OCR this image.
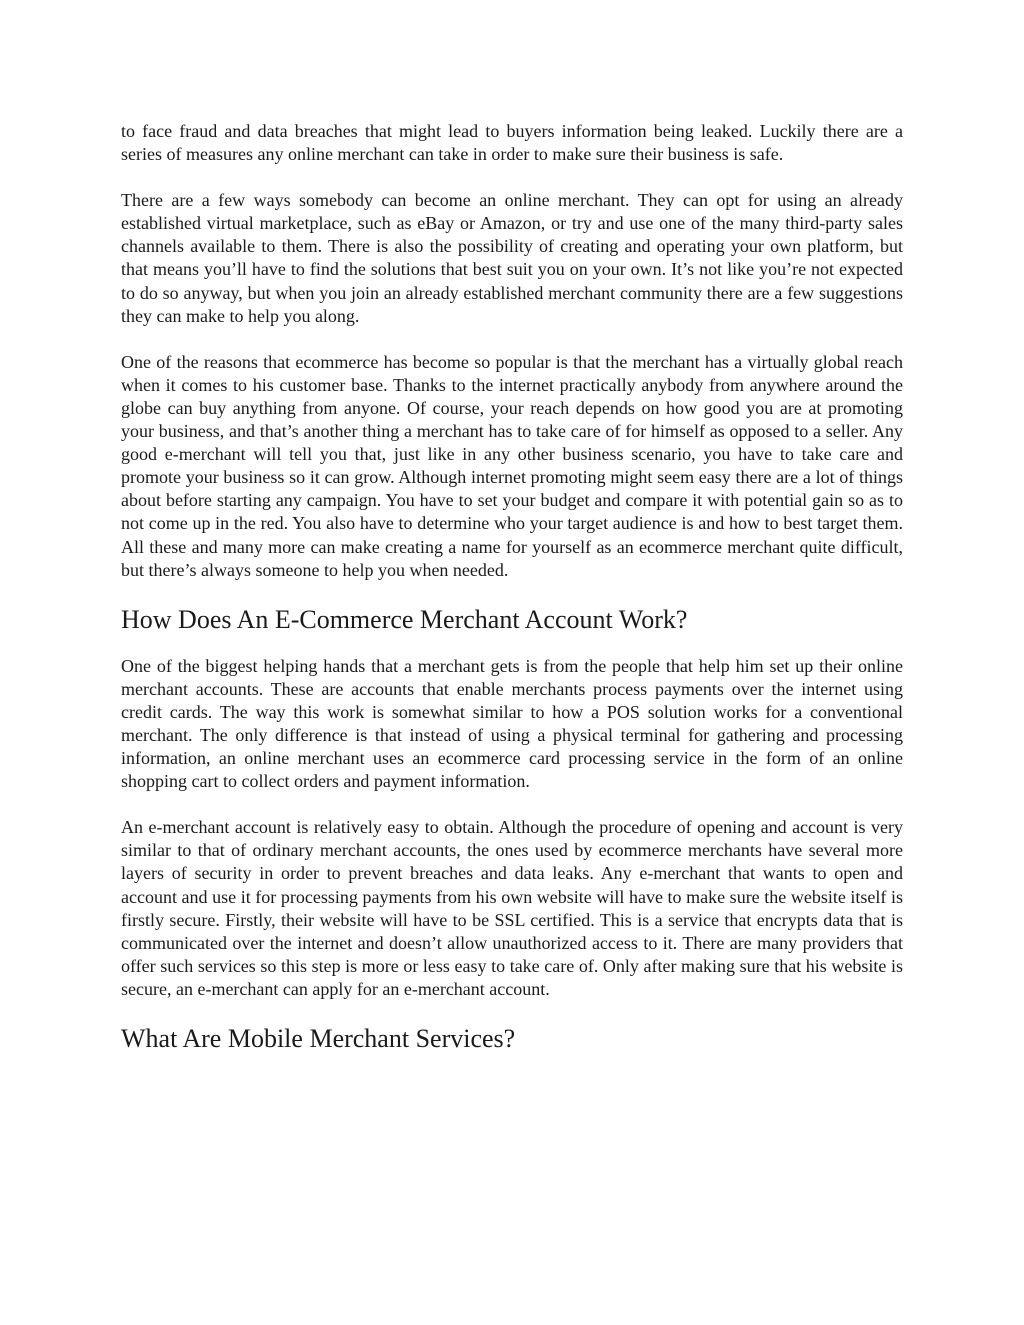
to face fraud and data breaches that might lead to buyers information being leaked. Luckily there are a series of measures any online merchant can take in order to make sure their business is safe.

There are a few ways somebody can become an online merchant. They can opt for using an already established virtual marketplace, such as eBay or Amazon, or try and use one of the many third-party sales channels available to them. There is also the possibility of creating and operating your own platform, but that means you’ll have to find the solutions that best suit you on your own. It’s not like you’re not expected to do so anyway, but when you join an already established merchant community there are a few suggestions they can make to help you along.

One of the reasons that ecommerce has become so popular is that the merchant has a virtually global reach when it comes to his customer base. Thanks to the internet practically anybody from anywhere around the globe can buy anything from anyone. Of course, your reach depends on how good you are at promoting your business, and that’s another thing a merchant has to take care of for himself as opposed to a seller. Any good e-merchant will tell you that, just like in any other business scenario, you have to take care and promote your business so it can grow. Although internet promoting might seem easy there are a lot of things about before starting any campaign. You have to set your budget and compare it with potential gain so as to not come up in the red. You also have to determine who your target audience is and how to best target them. All these and many more can make creating a name for yourself as an ecommerce merchant quite difficult, but there’s always someone to help you when needed.

How Does An E-Commerce Merchant Account Work?

One of the biggest helping hands that a merchant gets is from the people that help him set up their online merchant accounts. These are accounts that enable merchants process payments over the internet using credit cards. The way this work is somewhat similar to how a POS solution works for a conventional merchant. The only difference is that instead of using a physical terminal for gathering and processing information, an online merchant uses an ecommerce card processing service in the form of an online shopping cart to collect orders and payment information.

An e-merchant account is relatively easy to obtain. Although the procedure of opening and account is very similar to that of ordinary merchant accounts, the ones used by ecommerce merchants have several more layers of security in order to prevent breaches and data leaks. Any e-merchant that wants to open and account and use it for processing payments from his own website will have to make sure the website itself is firstly secure. Firstly, their website will have to be SSL certified. This is a service that encrypts data that is communicated over the internet and doesn’t allow unauthorized access to it. There are many providers that offer such services so this step is more or less easy to take care of. Only after making sure that his website is secure, an e-merchant can apply for an e-merchant account.

What Are Mobile Merchant Services?
